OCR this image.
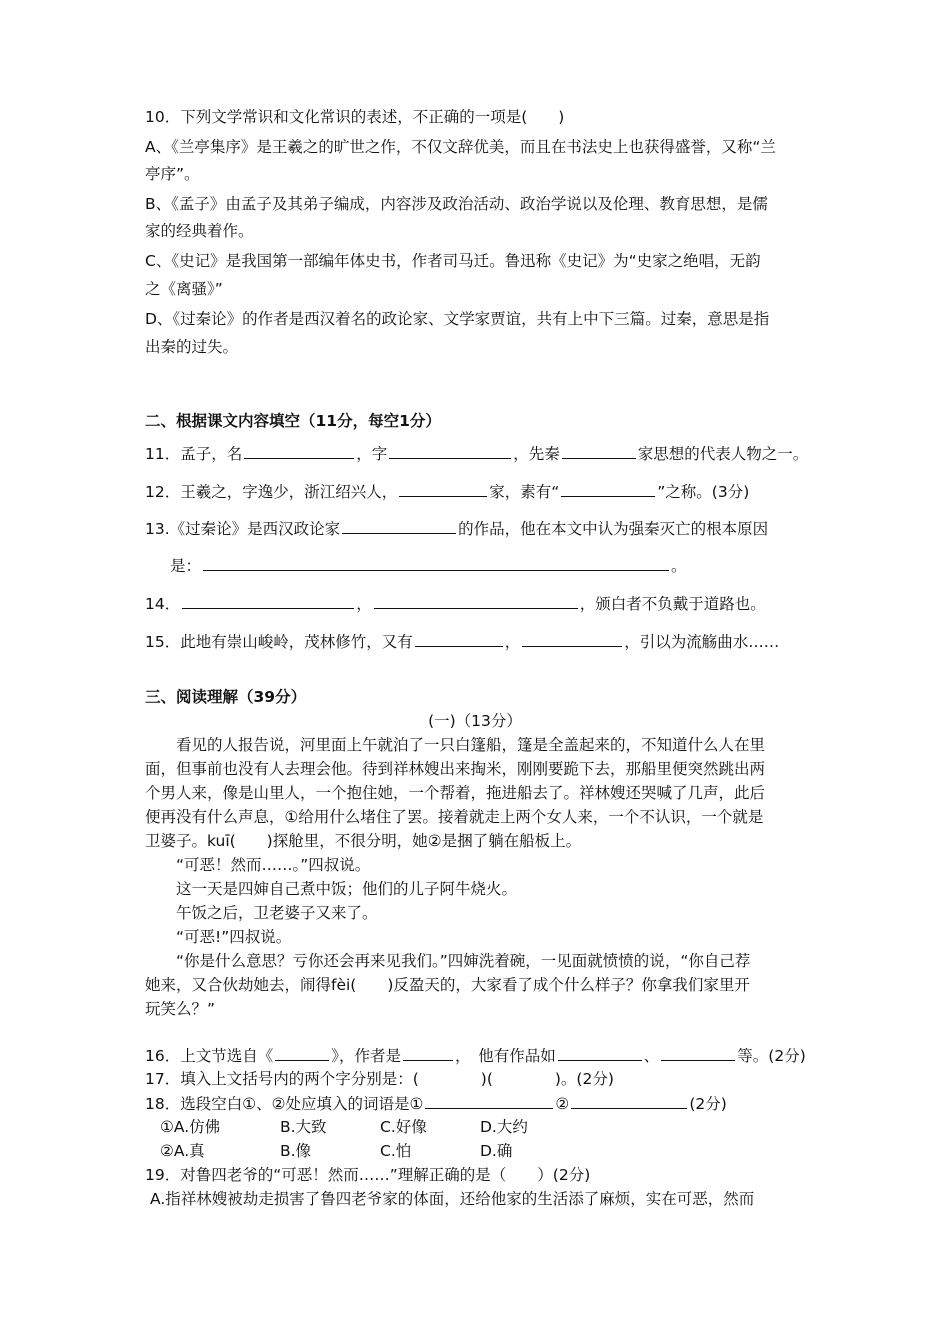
10．下列文学常识和文化常识的表述，不正确的一项是(　　)
A、《兰亭集序》是王羲之的旷世之作，不仅文辞优美，而且在书法史上也获得盛誉，又称“兰
亭序”。
B、《孟子》由孟子及其弟子编成，内容涉及政治活动、政治学说以及伦理、教育思想，是儒
家的经典着作。
C、《史记》是我国第一部编年体史书，作者司马迁。鲁迅称《史记》为“史家之绝唱，无韵
之《离骚》”
D、《过秦论》的作者是西汉着名的政论家、文学家贾谊，共有上中下三篇。过秦，意思是指
出秦的过失。
二、根据课文内容填空（11分，每空1分）
11．孟子，名	，字	，先秦	家思想的代表人物之一。
12．王羲之，字逸少，浙江绍兴人，	家，素有“	”之称。(3分)
13.《过秦论》是西汉政论家	的作品，他在本文中认为强秦灭亡的根本原因
是：	。
14．	，	，颁白者不负戴于道路也。
15．此地有崇山峻岭，茂林修竹，又有	，	，引以为流觞曲水……
三、阅读理解（39分）
(一)（13分）
　　看见的人报告说，河里面上午就泊了一只白篷船，篷是全盖起来的，不知道什么人在里
面，但事前也没有人去理会他。待到祥林嫂出来掏米，刚刚要跪下去，那船里便突然跳出两
个男人来，像是山里人，一个抱住她，一个帮着，拖进船去了。祥林嫂还哭喊了几声，此后
便再没有什么声息，①给用什么堵住了罢。接着就走上两个女人来，一个不认识，一个就是
卫婆子。kuī(　　)探舱里，不很分明，她②是捆了躺在船板上。
　　“可恶！然而……。”四叔说。
　　这一天是四婶自己煮中饭；他们的儿子阿牛烧火。
　　午饭之后，卫老婆子又来了。
　　“可恶!”四叔说。
　　“你是什么意思？亏你还会再来见我们。”四婶洗着碗，一见面就愤愤的说，“你自己荐
她来，又合伙劫她去，闹得fèi(　　)反盈天的，大家看了成个什么样子？你拿我们家里开
玩笑么？”
16．上文节选自《	》，作者是	，　他有作品如	、	等。(2分)
17．填入上文括号内的两个字分别是：(　　　　)(　　　　)。(2分)
18．选段空白①、②处应填入的词语是①	②	(2分)
①A.仿佛	B.大致	C.好像	D.大约
②A.真	B.像	C.怕	D.确
19．对鲁四老爷的“可恶！然而……”理解正确的是（　　）(2分)
A.指祥林嫂被劫走损害了鲁四老爷家的体面，还给他家的生活添了麻烦，实在可恶，然而
